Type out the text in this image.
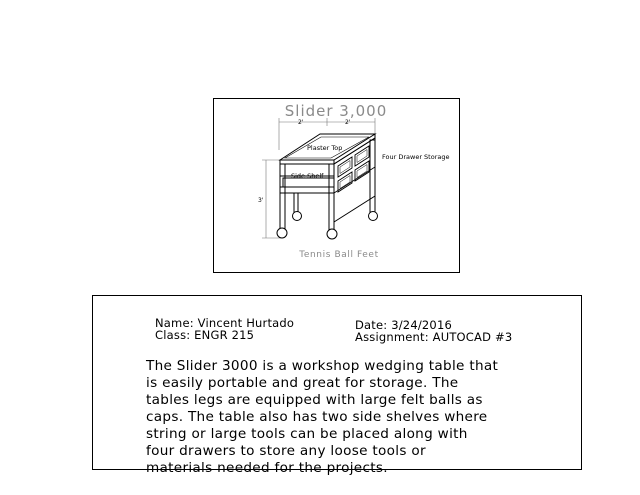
Slider 3,000
2'	2'
3'
Plaster Top
Four Drawer Storage
Side Shelf
Tennis Ball Feet
Name: Vincent Hurtado
Class: ENGR 215
Date: 3/24/2016
Assignment: AUTOCAD #3
The Slider 3000 is a workshop wedging table that
is easily portable and great for storage. The
tables legs are equipped with large felt balls as
caps. The table also has two side shelves where
string or large tools can be placed along with
four drawers to store any loose tools or
materials needed for the projects.
